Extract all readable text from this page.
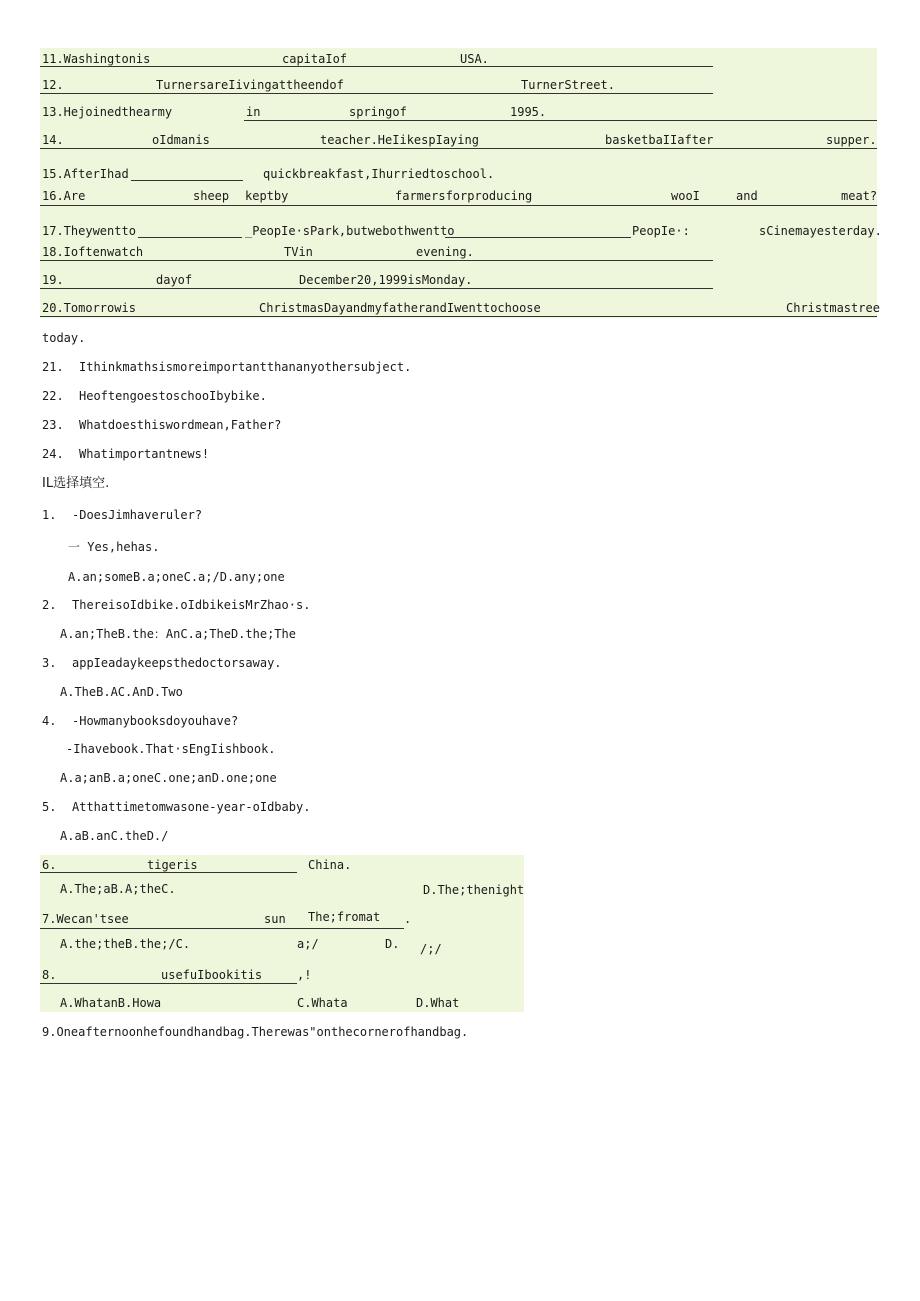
11.Washingtonis	capitaIof	USA.
12.	TurnersareIivingattheendof	TurnerStreet.
13.Hejoinedthearmy	in	springof	1995.
14.	oIdmanis	teacher.HeIikespIaying	basketbaIIafter	supper.
15.AfterIhad	quickbreakfast,Ihurriedtoschool.
16.Are	sheep keptby	farmersforproducing	wooI	and	meat?
17.Theywentto	_PeopIe·sPark,butwebothwentto	PeopIe·:	sCinemayesterday.
18.Ioftenwatch	TVin	evening.
19.	dayof	December20,1999isMonday.
20.Tomorrowis	ChristmasDayandmyfatherandIwenttochoose	Christmastree
today.
21. Ithinkmathsismoreimportantthananyothersubject.
22. HeoftengoestoschooIbybike.
23. Whatdoesthiswordmean,Father?
24. Whatimportantnews!
IL选择填空.
1. -DoesJimhaveruler?
一 Yes,hehas.
A.an;someB.a;oneC.a;/D.any;one
2. ThereisoIdbike.oIdbikeisMrZhao·s.
A.an;TheB.the：AnC.a;TheD.the;The
3. appIeadaykeepsthedoctorsaway.
A.TheB.AC.AnD.Two
4. -Howmanybooksdoyouhave?
-Ihavebook.That·sEngIishbook.
A.a;anB.a;oneC.one;anD.one;one
5. Atthattimetomwasone-year-oIdbaby.
A.aB.anC.theD./
6.	tigeris	China.
A.The;aB.A;theC.	D.The;thenight
7.Wecan'tsee	sun The;fromat .
A.the;theB.the;/C.	a;/	D. /;/
8.	usefuIbookitis	,!
A.WhatanB.Howa	C.Whata	D.What
9.Oneafternoonhefoundhandbag.Therewas"onthecornerofhandbag.
